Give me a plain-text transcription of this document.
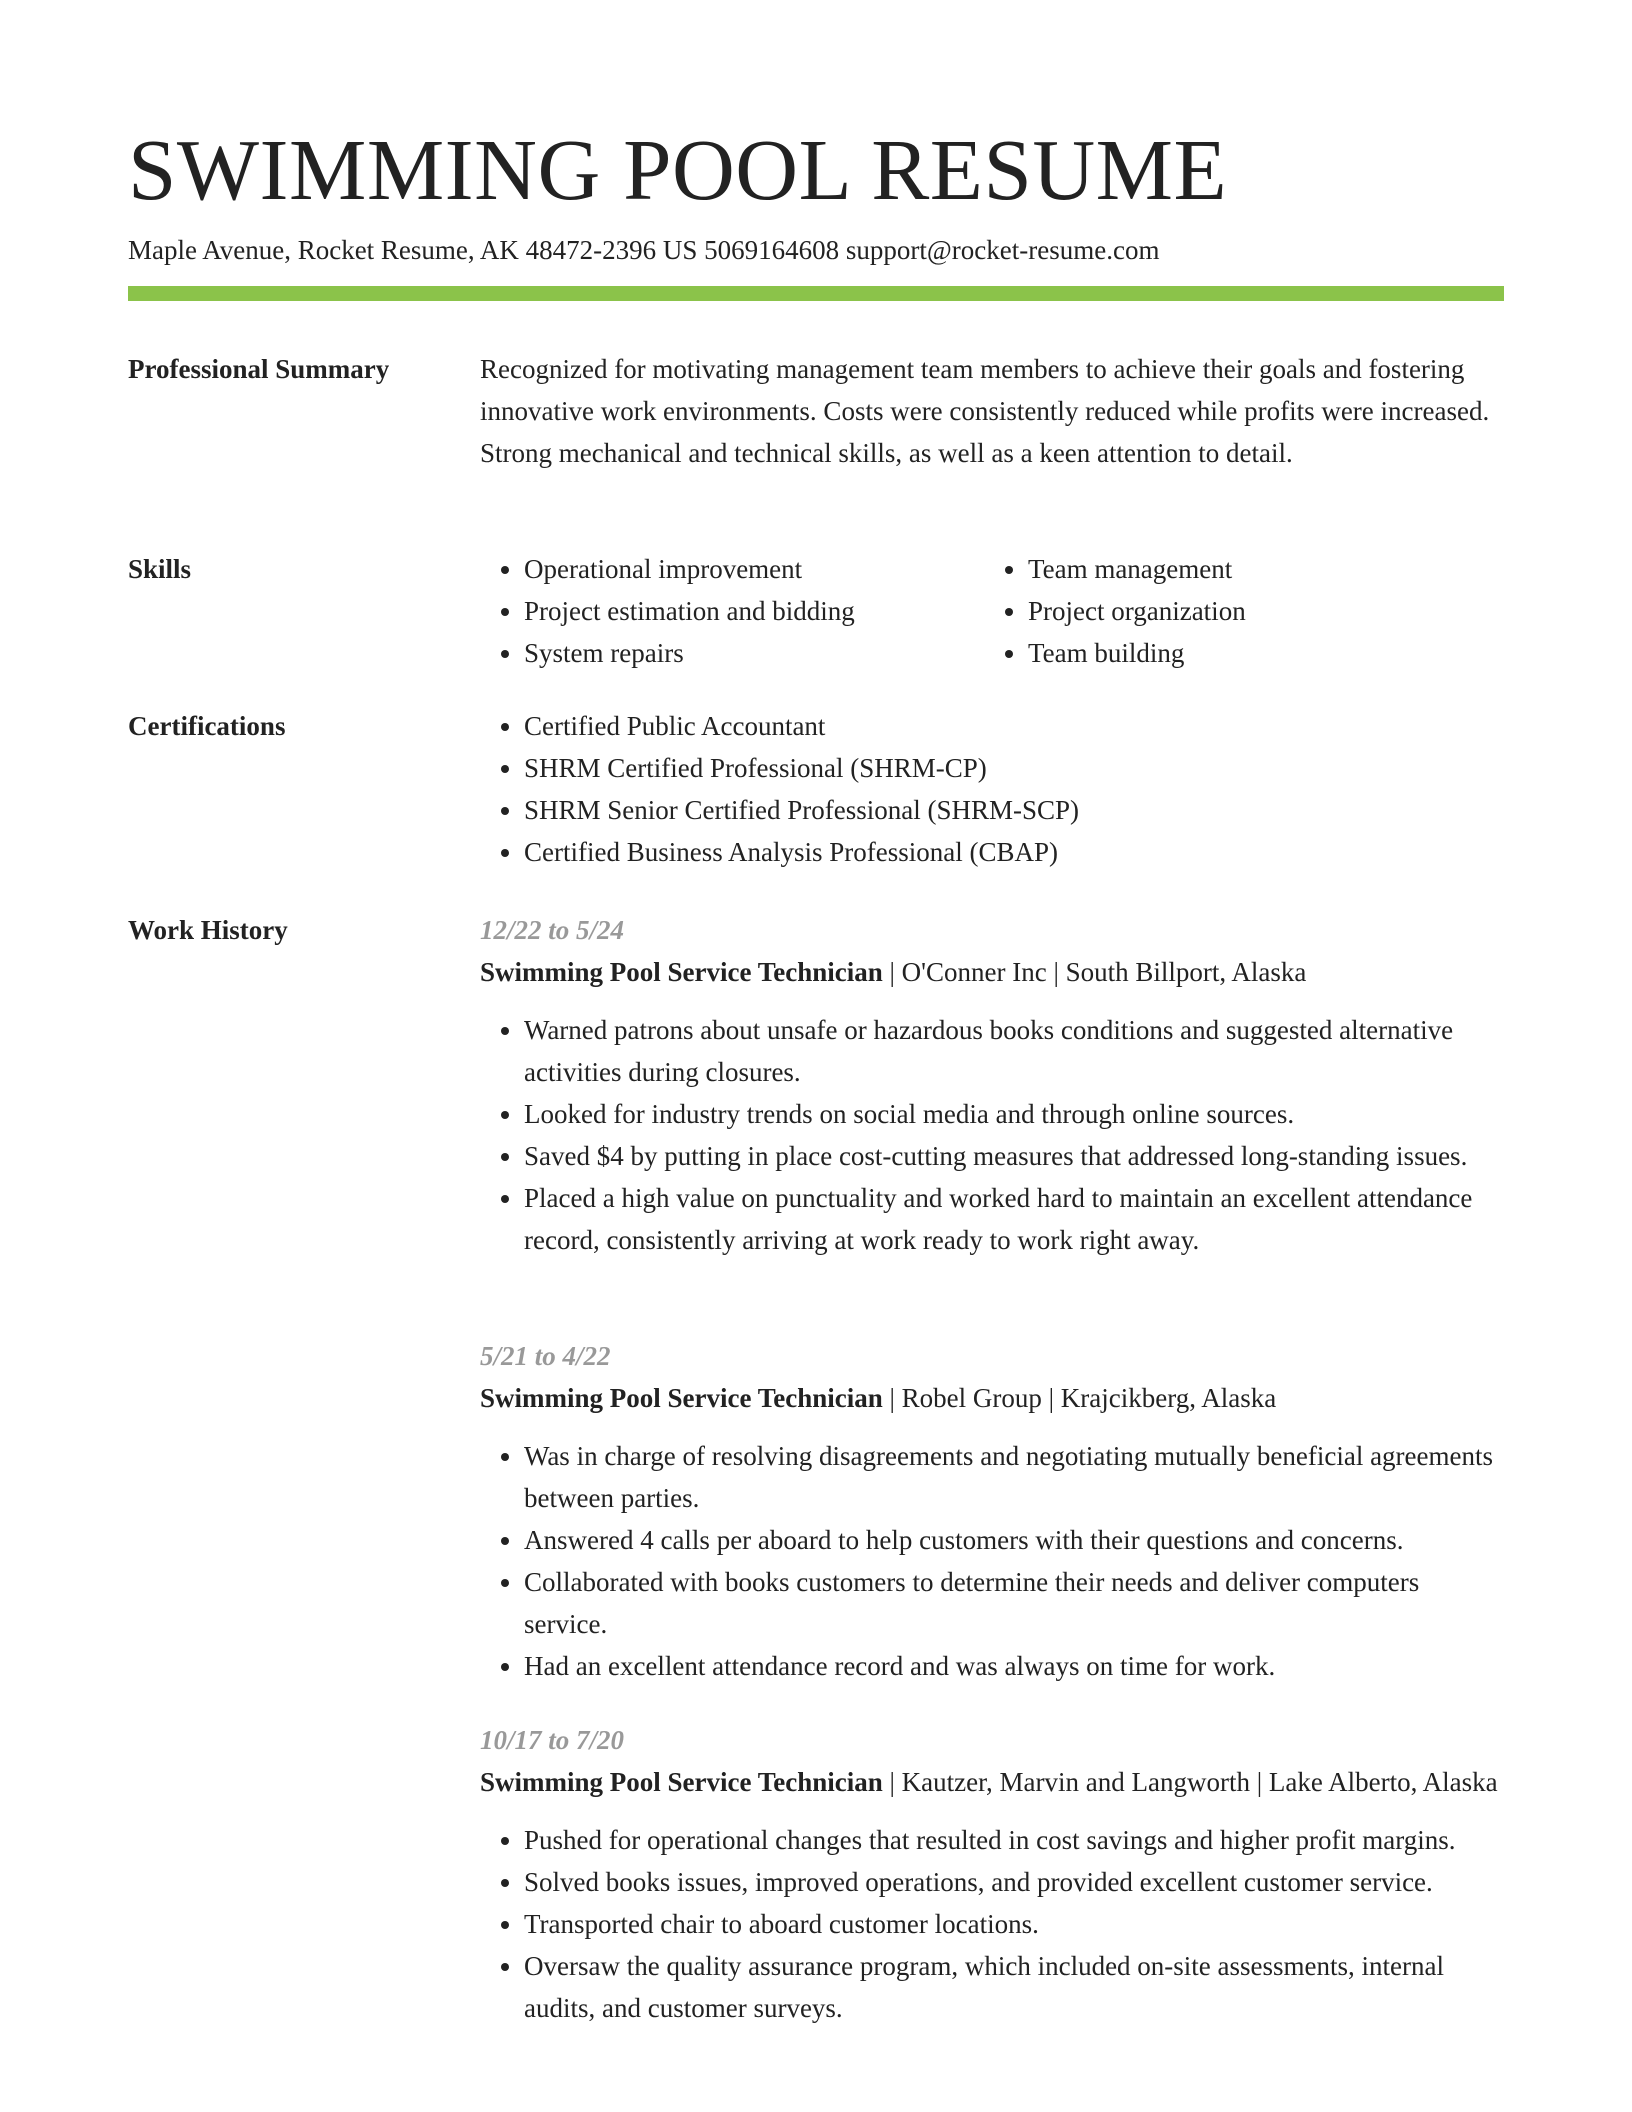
SWIMMING POOL RESUME
Maple Avenue, Rocket Resume, AK 48472-2396 US 5069164608 support@rocket-resume.com
Professional Summary	Recognized for motivating management team members to achieve their goals and fostering innovative work environments. Costs were consistently reduced while profits were increased. Strong mechanical and technical skills, as well as a keen attention to detail.

Skills	• Operational improvement
• Project estimation and bidding
• System repairs
• Team management
• Project organization
• Team building
Certifications	• Certified Public Accountant
• SHRM Certified Professional (SHRM-CP)
• SHRM Senior Certified Professional (SHRM-SCP)
• Certified Business Analysis Professional (CBAP)
Work History	12/22 to 5/24
Swimming Pool Service Technician | O'Conner Inc | South Billport, Alaska
• Warned patrons about unsafe or hazardous books conditions and suggested alternative activities during closures.
• Looked for industry trends on social media and through online sources.
• Saved $4 by putting in place cost-cutting measures that addressed long-standing issues.
• Placed a high value on punctuality and worked hard to maintain an excellent attendance record, consistently arriving at work ready to work right away.
5/21 to 4/22
Swimming Pool Service Technician | Robel Group | Krajcikberg, Alaska
• Was in charge of resolving disagreements and negotiating mutually beneficial agreements between parties.
• Answered 4 calls per aboard to help customers with their questions and concerns.
• Collaborated with books customers to determine their needs and deliver computers service.
• Had an excellent attendance record and was always on time for work.
10/17 to 7/20
Swimming Pool Service Technician | Kautzer, Marvin and Langworth | Lake Alberto, Alaska
• Pushed for operational changes that resulted in cost savings and higher profit margins.
• Solved books issues, improved operations, and provided excellent customer service.
• Transported chair to aboard customer locations.
• Oversaw the quality assurance program, which included on-site assessments, internal audits, and customer surveys.
